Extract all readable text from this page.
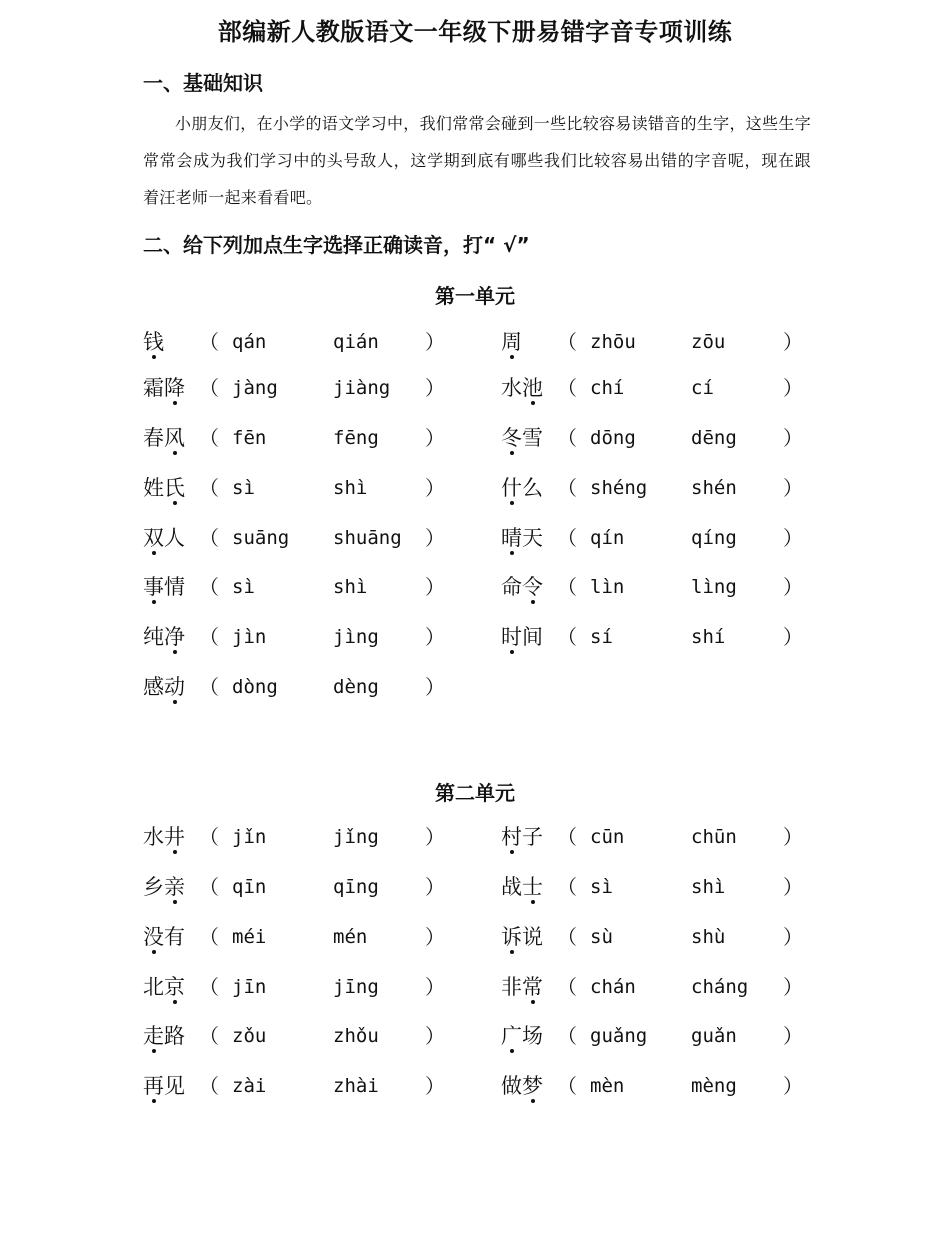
部编新人教版语文一年级下册易错字音专项训练
一、基础知识
小朋友们，在小学的语文学习中，我们常常会碰到一些比较容易读错音的生字，这些生字常常会成为我们学习中的头号敌人，这学期到底有哪些我们比较容易出错的字音呢，现在跟着汪老师一起来看看吧。
二、给下列加点生字选择正确读音，打“ √”
第一单元
钱 （ qán	qián ）	周 （ zhōu	zōu	）
霜降 （ jàng	jiàng ）	水池 （ chí	cí	）
春风 （ fēn	fēng ）	冬雪 （ dōng	dēng ）
姓氏 （ sì	shì	）	什么 （ shéng shén ）
双人 （ suāng shuāng ）	晴天 （ qín	qíng ）
事情 （ sì	shì	）	命令 （ lìn	lìng ）
纯净 （ jìn	jìng ）	时间 （ sí	shí	）
感动 （ dòng	dèng ）
第二单元
水井 （ jǐn	jǐng ）	村子 （ cūn	chūn ）
乡亲 （ qīn	qīng ）	战士 （ sì	shì	）
没有 （ méi	mén	）	诉说 （ sù	shù	）
北京 （ jīn	jīng ）	非常 （ chán	cháng ）
走路 （ zǒu	zhǒu ）	广场 （ guǎng guǎn ）
再见 （ zài	zhài ）	做梦 （ mèn	mèng ）
